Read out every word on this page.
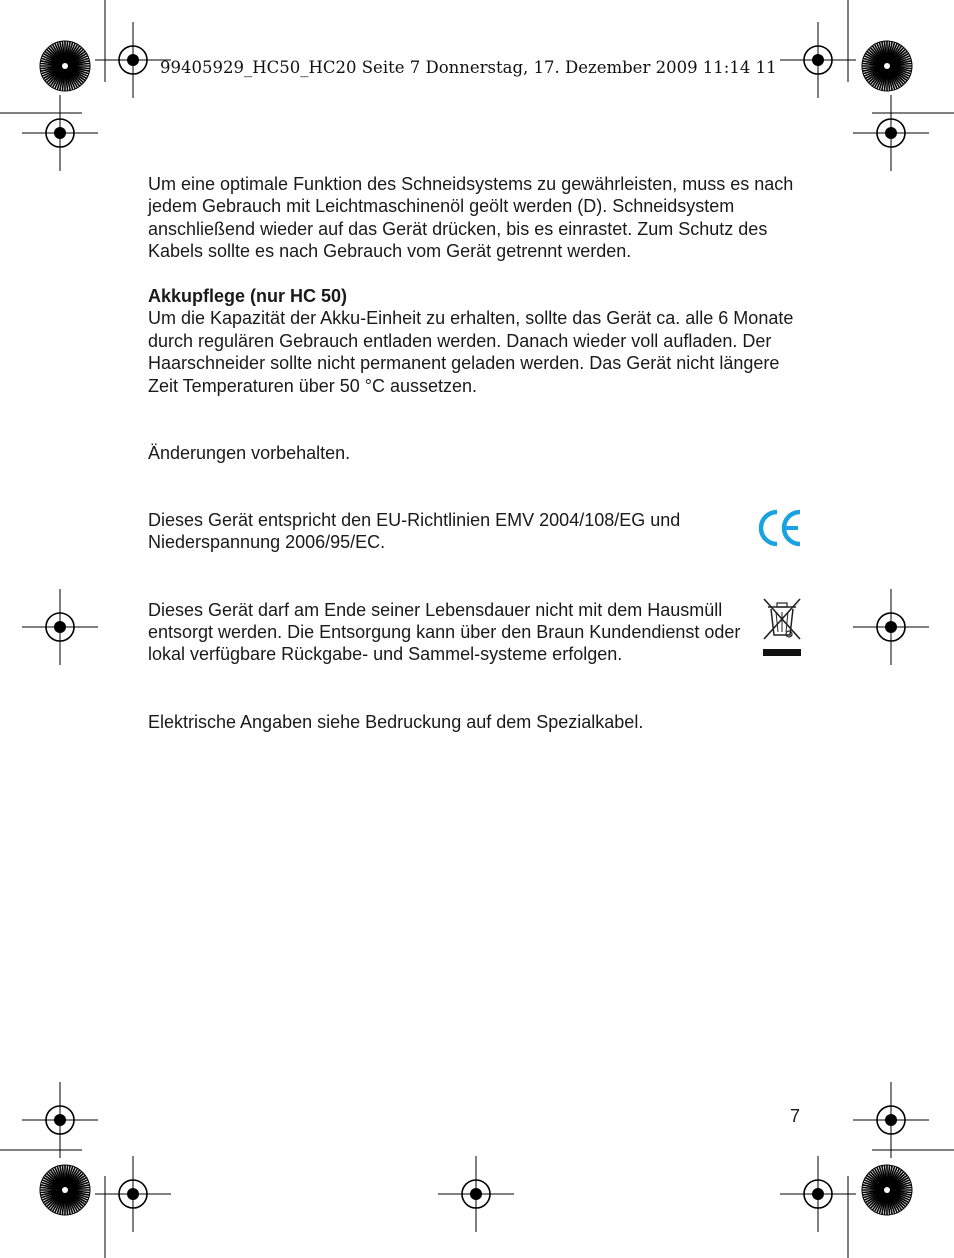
99405929_HC50_HC20 Seite 7 Donnerstag, 17. Dezember 2009 11:14 11

Um eine optimale Funktion des Schneidsystems zu gewährleisten, muss es nach jedem Gebrauch mit Leichtmaschinenöl geölt werden (D). Schneidsystem anschließend wieder auf das Gerät drücken, bis es einrastet. Zum Schutz des Kabels sollte es nach Gebrauch vom Gerät getrennt werden.

Akkupflege (nur HC 50)

Um die Kapazität der Akku-Einheit zu erhalten, sollte das Gerät ca. alle 6 Monate durch regulären Gebrauch entladen werden. Danach wieder voll aufladen. Der Haarschneider sollte nicht permanent geladen werden. Das Gerät nicht längere Zeit Temperaturen über 50 °C aussetzen.

Änderungen vorbehalten.

Dieses Gerät entspricht den EU-Richtlinien EMV 2004/108/EG und Niederspannung 2006/95/EC.

Dieses Gerät darf am Ende seiner Lebensdauer nicht mit dem Hausmüll entsorgt werden. Die Entsorgung kann über den Braun Kundendienst oder lokal verfügbare Rückgabe- und Sammel-systeme erfolgen.

Elektrische Angaben siehe Bedruckung auf dem Spezialkabel.

7
